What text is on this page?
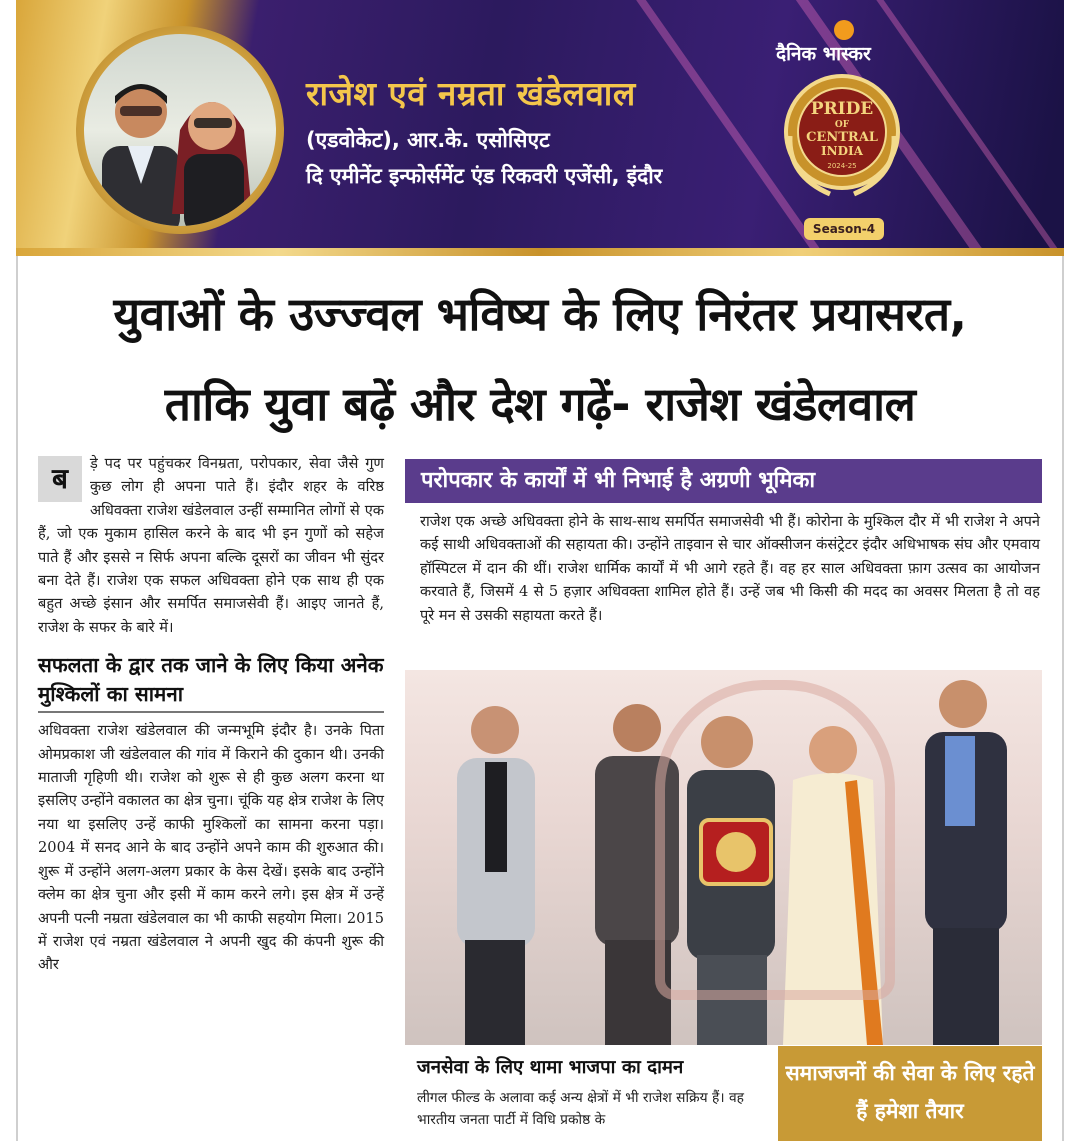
राजेश एवं नम्रता खंडेलवाल
(एडवोकेट), आर.के. एसोसिएट
दि एमीनेंट इन्फोर्समेंट एंड रिकवरी एजेंसी, इंदौर
दैनिक भास्कर
PRIDE
OF
CENTRAL
INDIA
2024-25
Season-4
युवाओं के उज्ज्वल भविष्य के लिए निरंतर प्रयासरत,
ताकि युवा बढ़ें और देश गढ़ें- राजेश खंडेलवाल
ब	ड़े पद पर पहुंचकर विनम्रता, परोपकार, सेवा जैसे गुण कुछ लोग ही अपना पाते हैं। इंदौर शहर के वरिष्ठ अधिवक्ता राजेश खंडेलवाल उन्हीं सम्मानित लोगों से एक हैं, जो एक मुकाम हासिल करने के बाद भी इन गुणों को सहेज पाते हैं और इससे न सिर्फ अपना बल्कि दूसरों का जीवन भी सुंदर बना देते हैं। राजेश एक सफल अधिवक्ता होने एक साथ ही एक बहुत अच्छे इंसान और समर्पित समाजसेवी हैं। आइए जानते हैं, राजेश के सफर के बारे में।
सफलता के द्वार तक जाने के लिए किया अनेक मुश्किलों का सामना
अधिवक्ता राजेश खंडेलवाल की जन्मभूमि इंदौर है। उनके पिता ओमप्रकाश जी खंडेलवाल की गांव में किराने की दुकान थी। उनकी माताजी गृहिणी थी। राजेश को शुरू से ही कुछ अलग करना था इसलिए उन्होंने वकालत का क्षेत्र चुना। चूंकि यह क्षेत्र राजेश के लिए नया था इसलिए उन्हें काफी मुश्किलों का सामना करना पड़ा। 2004 में सनद आने के बाद उन्होंने अपने काम की शुरुआत की। शुरू में उन्होंने अलग-अलग प्रकार के केस देखें। इसके बाद उन्होंने क्लेम का क्षेत्र चुना और इसी में काम करने लगे। इस क्षेत्र में उन्हें अपनी पत्नी नम्रता खंडेलवाल का भी काफी सहयोग मिला। 2015 में राजेश एवं नम्रता खंडेलवाल ने अपनी खुद की कंपनी शुरू की और
परोपकार के कार्यों में भी निभाई है अग्रणी भूमिका
राजेश एक अच्छे अधिवक्ता होने के साथ-साथ समर्पित समाजसेवी भी हैं। कोरोना के मुश्किल दौर में भी राजेश ने अपने कई साथी अधिवक्ताओं की सहायता की। उन्होंने ताइवान से चार ऑक्सीजन कंसंट्रेटर इंदौर अधिभाषक संघ और एमवाय हॉस्पिटल में दान की थीं। राजेश धार्मिक कार्यों में भी आगे रहते हैं। वह हर साल अधिवक्ता फ़ाग उत्सव का आयोजन करवाते हैं, जिसमें 4 से 5 हज़ार अधिवक्ता शामिल होते हैं। उन्हें जब भी किसी की मदद का अवसर मिलता है तो वह पूरे मन से उसकी सहायता करते हैं।
जनसेवा के लिए थामा भाजपा का दामन
लीगल फील्ड के अलावा कई अन्य क्षेत्रों में भी राजेश सक्रिय हैं। वह भारतीय जनता पार्टी में विधि प्रकोष्ठ के
समाजजनों की सेवा के लिए रहते हैं हमेशा तैयार
